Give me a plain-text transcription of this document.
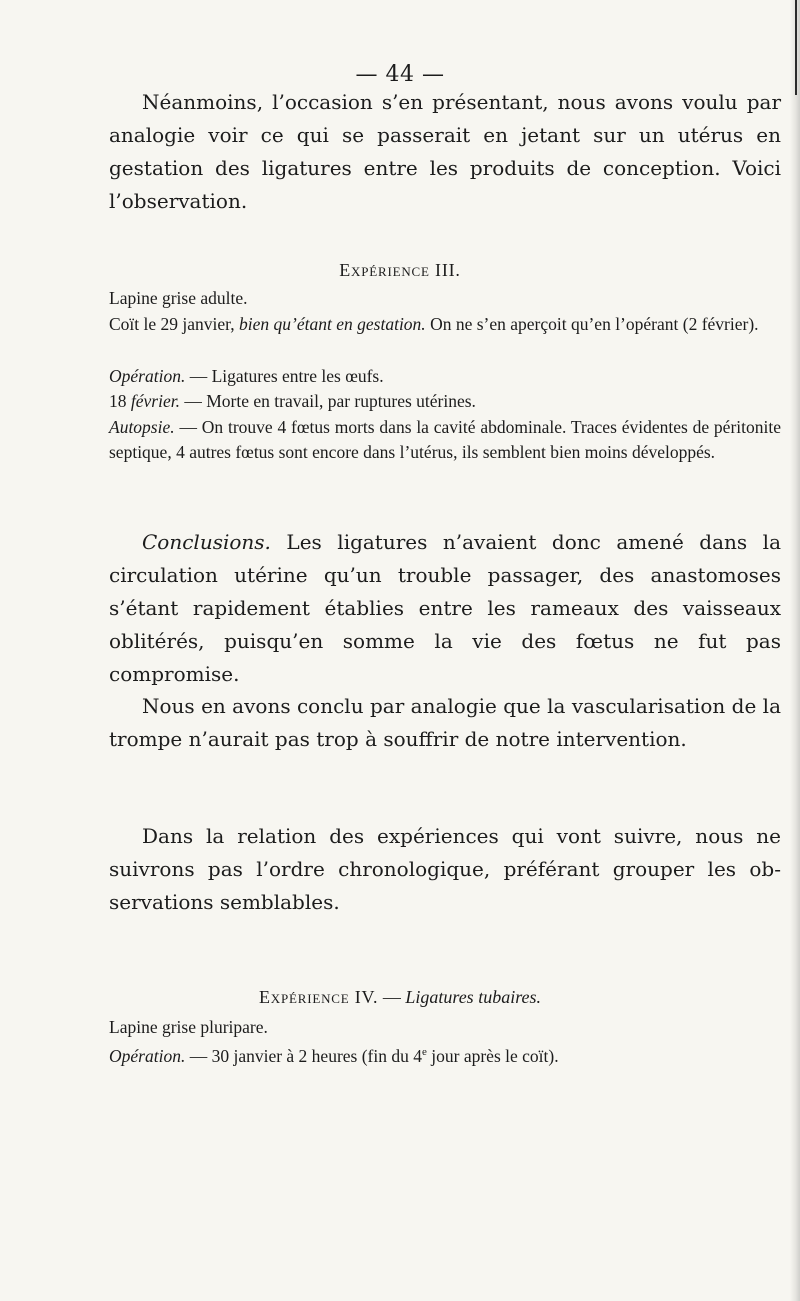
— 44 —

Néanmoins, l’occasion s’en présentant, nous avons voulu par analogie voir ce qui se passerait en jetant sur un utérus en gestation des ligatures entre les produits de conception. Voici l’observation.

Expérience III.

Lapine grise adulte.

Coït le 29 janvier, bien qu’étant en gestation. On ne s’en aperçoit qu’en l’opérant (2 février).

Opération. — Ligatures entre les œufs.

18 février. — Morte en travail, par ruptures utérines.

Autopsie. — On trouve 4 fœtus morts dans la cavité abdominale. Traces évidentes de péritonite septique, 4 autres fœtus sont encore dans l’utérus, ils semblent bien moins développés.

Conclusions. Les ligatures n’avaient donc amené dans la circulation utérine qu’un trouble passager, des anastomoses s’étant rapidement établies entre les rameaux des vaisseaux oblitérés, puisqu’en somme la vie des fœtus ne fut pas compromise.

Nous en avons conclu par analogie que la vascularisation de la trompe n’aurait pas trop à souffrir de notre intervention.

Dans la relation des expériences qui vont suivre, nous ne suivrons pas l’ordre chronologique, préférant grouper les observations semblables.

Expérience IV. — Ligatures tubaires.

Lapine grise pluripare.

Opération. — 30 janvier à 2 heures (fin du 4e jour après le coït).
